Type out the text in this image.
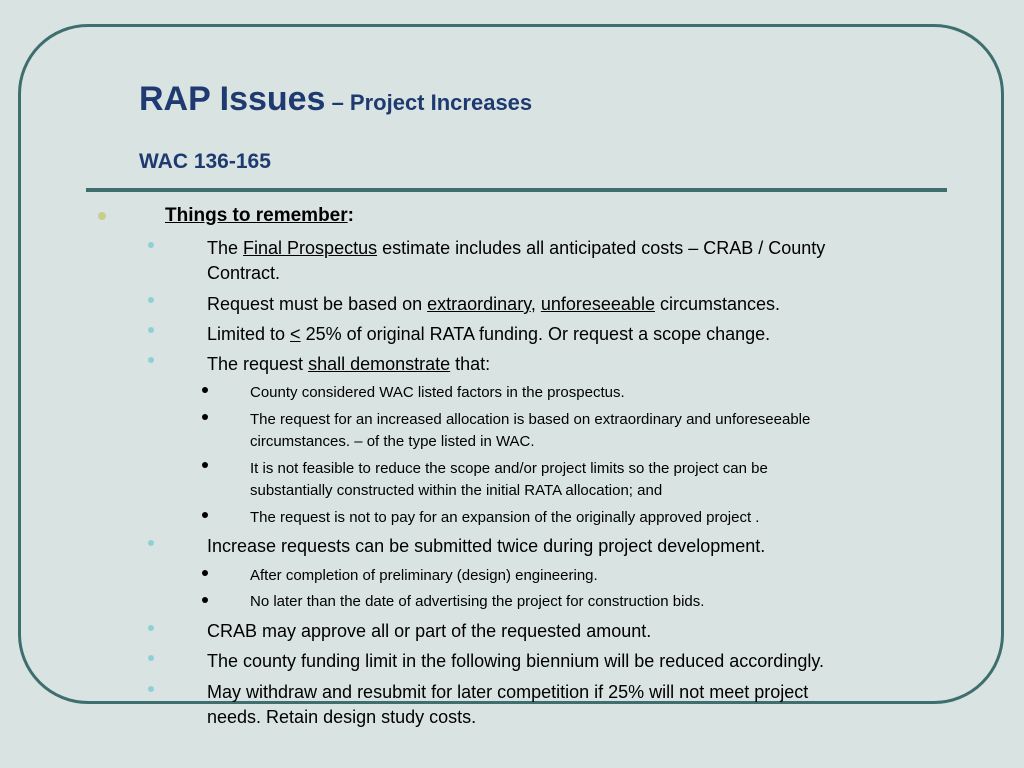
RAP Issues – Project Increases
WAC 136-165
Things to remember:
The Final Prospectus estimate includes all anticipated costs – CRAB / County
Contract.
Request must be based on extraordinary, unforeseeable circumstances.
Limited to < 25% of original RATA funding. Or request a scope change.
The request shall demonstrate that:
County considered WAC listed factors in the prospectus.
The request for an increased allocation is based on extraordinary and unforeseeable
circumstances. – of the type listed in WAC.
It is not feasible to reduce the scope and/or project limits so the project can be
substantially constructed within the initial RATA allocation; and
The request is not to pay for an expansion of the originally approved project .
Increase requests can be submitted twice during project development.
After completion of preliminary (design) engineering.
No later than the date of advertising the project for construction bids.
CRAB may approve all or part of the requested amount.
The county funding limit in the following biennium will be reduced accordingly.
May withdraw and resubmit for later competition if 25% will not meet project
needs. Retain design study costs.
